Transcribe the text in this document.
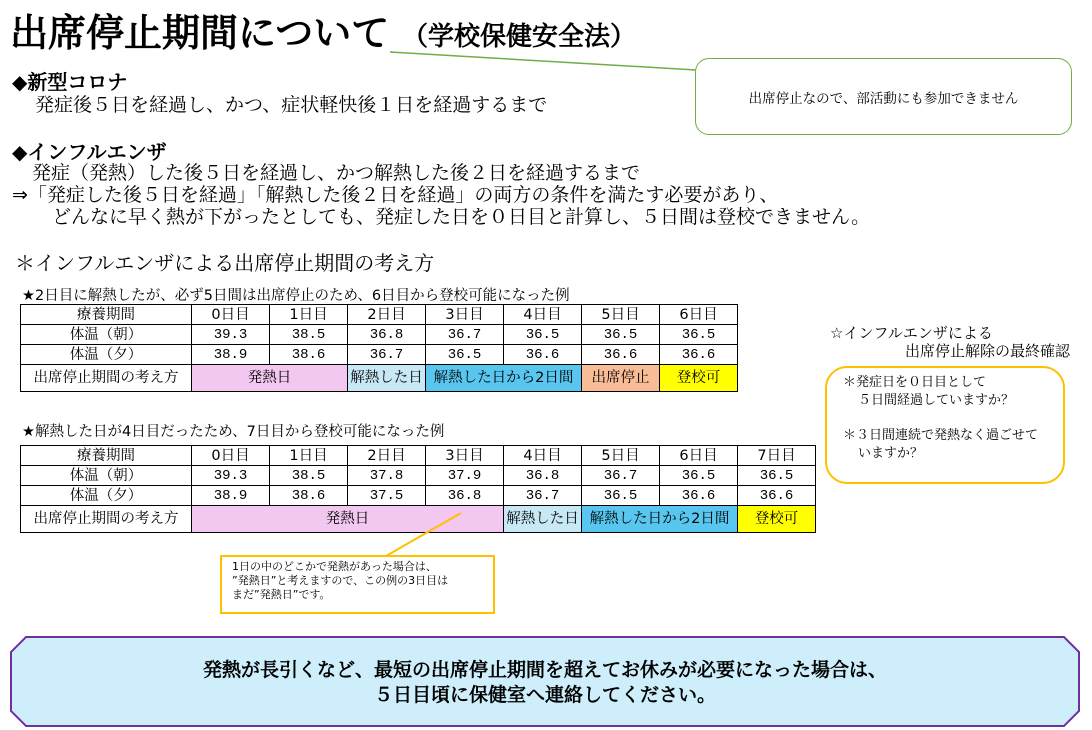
出席停止期間について （学校保健安全法）
出席停止なので、部活動にも参加できません
◆新型コロナ
発症後５日を経過し、かつ、症状軽快後１日を経過するまで
◆インフルエンザ
発症（発熱）した後５日を経過し、かつ解熱した後２日を経過するまで
⇒「発症した後５日を経過」「解熱した後２日を経過」の両方の条件を満たす必要があり、
どんなに早く熱が下がったとしても、発症した日を０日目と計算し、５日間は登校できません。
＊インフルエンザによる出席停止期間の考え方
★2日目に解熱したが、必ず5日間は出席停止のため、6日目から登校可能になった例
療養期間	0日目	1日目	2日目	3日目	4日目	5日目	6日目
体温（朝）	39.3	38.5	36.8	36.7	36.5	36.5	36.5
体温（夕）	38.9	38.6	36.7	36.5	36.6	36.6	36.6
出席停止期間の考え方	発熱日		解熱した日	解熱した日から2日間		出席停止	登校可
☆インフルエンザによる
出席停止解除の最終確認
＊発症日を０日目として
５日間経過していますか？
＊３日間連続で発熱なく過ごせて
いますか？
★解熱した日が4日目だったため、7日目から登校可能になった例
療養期間	0日目	1日目	2日目	3日目	4日目	5日目	6日目	7日目
体温（朝）	39.3	38.5	37.8	37.9	36.8	36.7	36.5	36.5
体温（夕）	38.9	38.6	37.5	36.8	36.7	36.5	36.6	36.6
出席停止期間の考え方	発熱日				解熱した日	解熱した日から2日間		登校可
1日の中のどこかで発熱があった場合は、
”発熱日”と考えますので、この例の3日目は
まだ”発熱日”です。
発熱が長引くなど、最短の出席停止期間を超えてお休みが必要になった場合は、
５日目頃に保健室へ連絡してください。
